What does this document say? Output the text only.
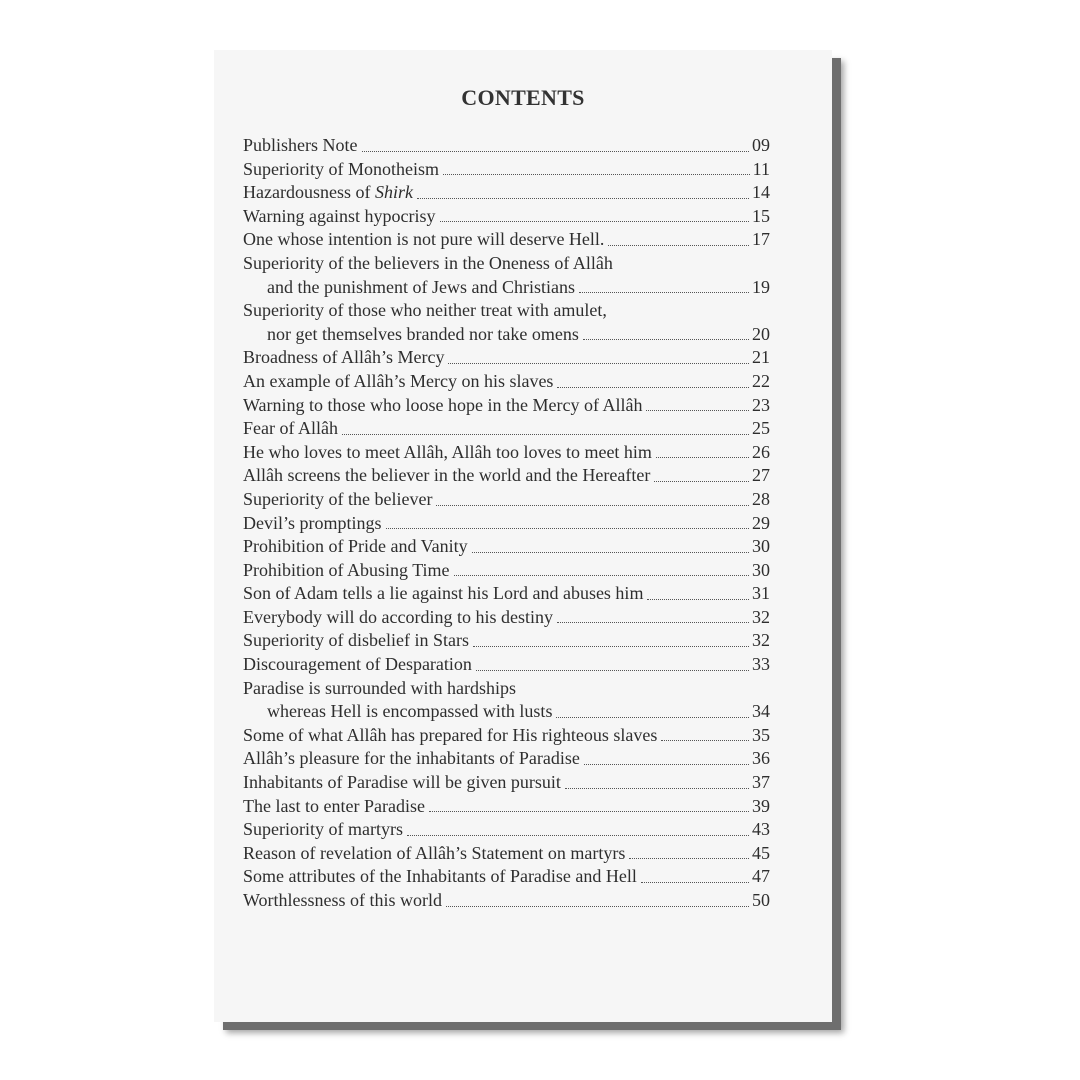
CONTENTS
Publishers Note	09
Superiority of Monotheism	11
Hazardousness of Shirk	14
Warning against hypocrisy	15
One whose intention is not pure will deserve Hell.	17
Superiority of the believers in the Oneness of Allâh
and the punishment of Jews and Christians	19
Superiority of those who neither treat with amulet,
nor get themselves branded nor take omens	20
Broadness of Allâh’s Mercy	21
An example of Allâh’s Mercy on his slaves	22
Warning to those who loose hope in the Mercy of Allâh	23
Fear of Allâh	25
He who loves to meet Allâh, Allâh too loves to meet him	26
Allâh screens the believer in the world and the Hereafter	27
Superiority of the believer	28
Devil’s promptings	29
Prohibition of Pride and Vanity	30
Prohibition of Abusing Time	30
Son of Adam tells a lie against his Lord and abuses him	31
Everybody will do according to his destiny	32
Superiority of disbelief in Stars	32
Discouragement of Desparation	33
Paradise is surrounded with hardships
whereas Hell is encompassed with lusts	34
Some of what Allâh has prepared for His righteous slaves	35
Allâh’s pleasure for the inhabitants of Paradise	36
Inhabitants of Paradise will be given pursuit	37
The last to enter Paradise	39
Superiority of martyrs	43
Reason of revelation of Allâh’s Statement on martyrs	45
Some attributes of the Inhabitants of Paradise and Hell	47
Worthlessness of this world	50
